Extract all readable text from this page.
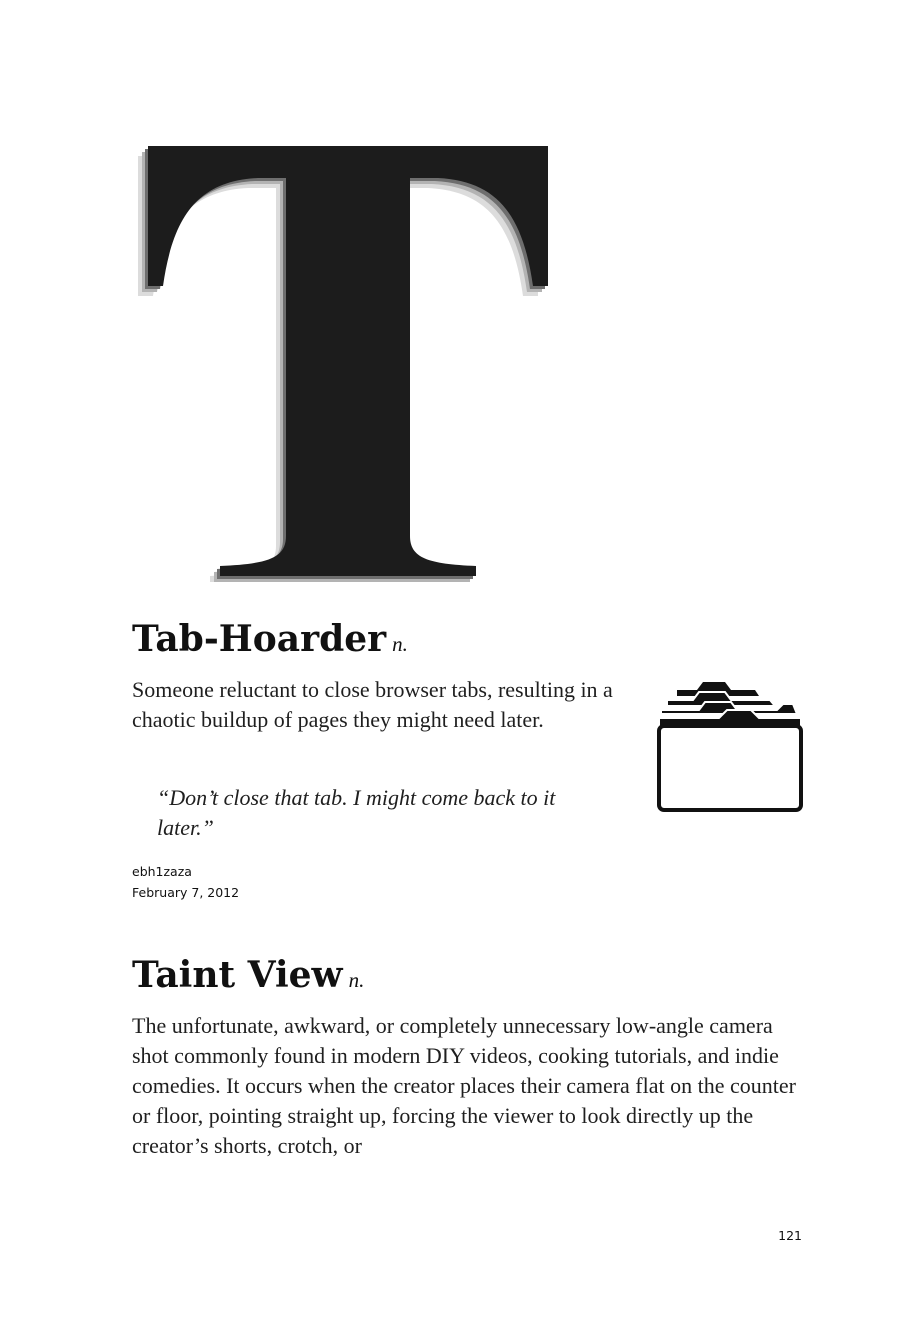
Tab-Hoarder n.

Someone reluctant to close browser tabs, resulting in a chaotic buildup of pages they might need later.

“Don’t close that tab. I might come back to it later.”

ebh1zaza
February 7, 2012
Taint View n.

The unfortunate, awkward, or completely unnecessary low-angle camera shot commonly found in modern DIY videos, cooking tutorials, and indie comedies. It occurs when the creator places their camera flat on the counter or floor, pointing straight up, forcing the viewer to look directly up the creator’s shorts, crotch, or

121
